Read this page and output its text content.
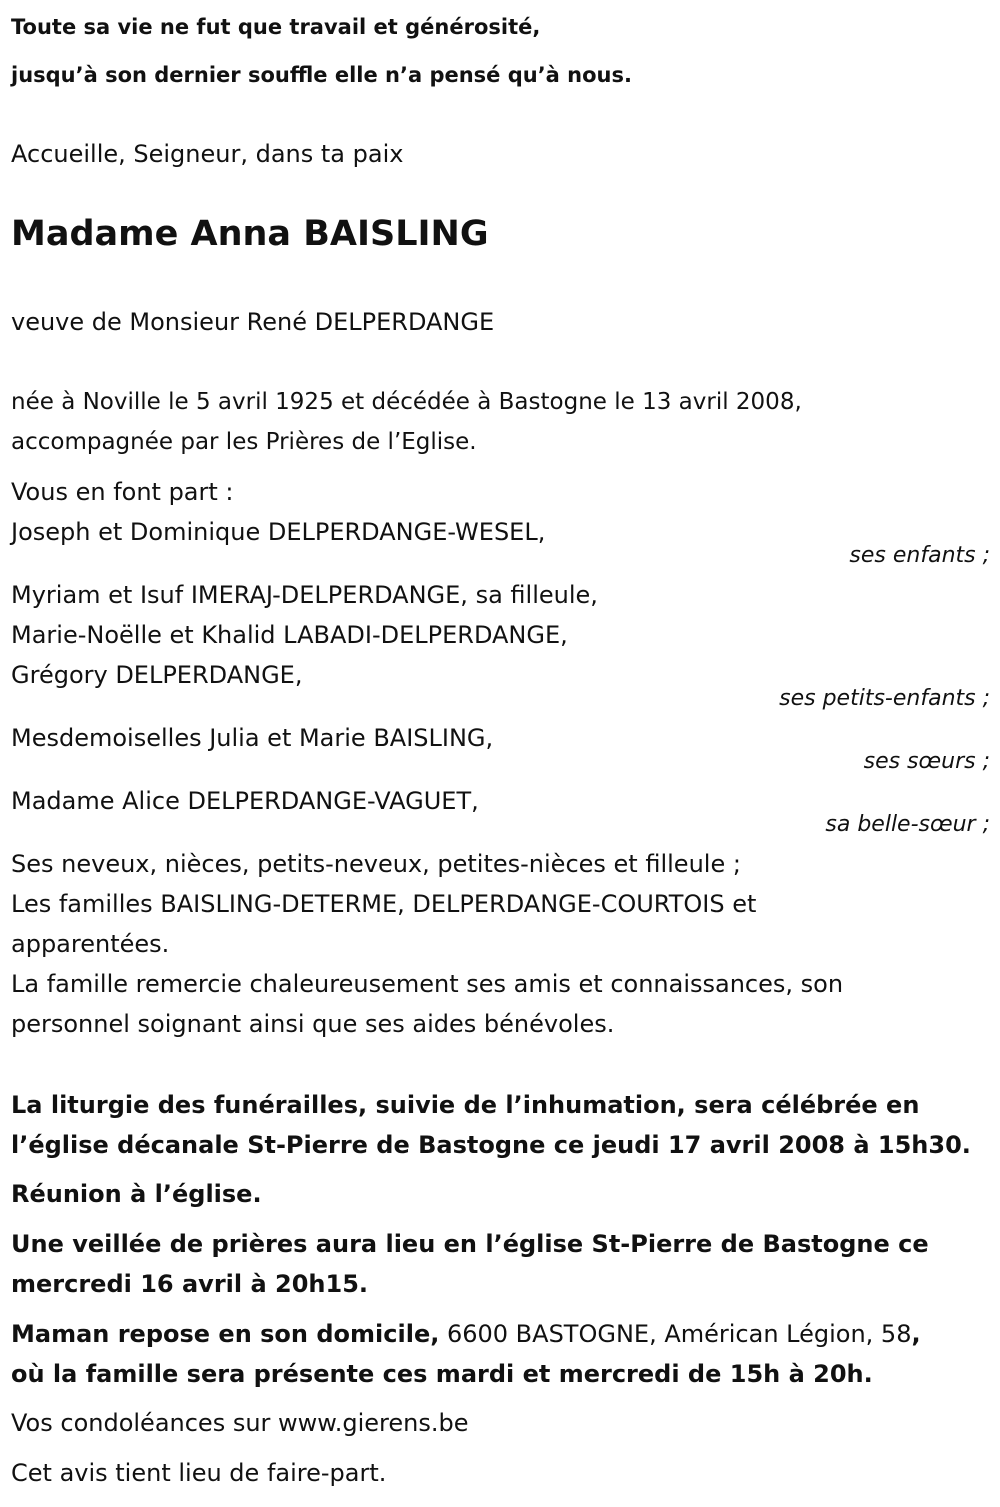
Toute sa vie ne fut que travail et générosité,
jusqu’à son dernier souffle elle n’a pensé qu’à nous.
Accueille, Seigneur, dans ta paix
Madame Anna BAISLING
veuve de Monsieur René DELPERDANGE
née à Noville le 5 avril 1925 et décédée à Bastogne le 13 avril 2008,
accompagnée par les Prières de l’Eglise.
Vous en font part :
Joseph et Dominique DELPERDANGE-WESEL,
ses enfants ;
Myriam et Isuf IMERAJ-DELPERDANGE, sa filleule,
Marie-Noëlle et Khalid LABADI-DELPERDANGE,
Grégory DELPERDANGE,
ses petits-enfants ;
Mesdemoiselles Julia et Marie BAISLING,
ses sœurs ;
Madame Alice DELPERDANGE-VAGUET,
sa belle-sœur ;
Ses neveux, nièces, petits-neveux, petites-nièces et filleule ;
Les familles BAISLING-DETERME, DELPERDANGE-COURTOIS et
apparentées.
La famille remercie chaleureusement ses amis et connaissances, son
personnel soignant ainsi que ses aides bénévoles.
La liturgie des funérailles, suivie de l’inhumation, sera célébrée en
l’église décanale St-Pierre de Bastogne ce jeudi 17 avril 2008 à 15h30.
Réunion à l’église.
Une veillée de prières aura lieu en l’église St-Pierre de Bastogne ce
mercredi 16 avril à 20h15.
Maman repose en son domicile, 6600 BASTOGNE, Américan Légion, 58,
où la famille sera présente ces mardi et mercredi de 15h à 20h.
Vos condoléances sur www.gierens.be
Cet avis tient lieu de faire-part.
